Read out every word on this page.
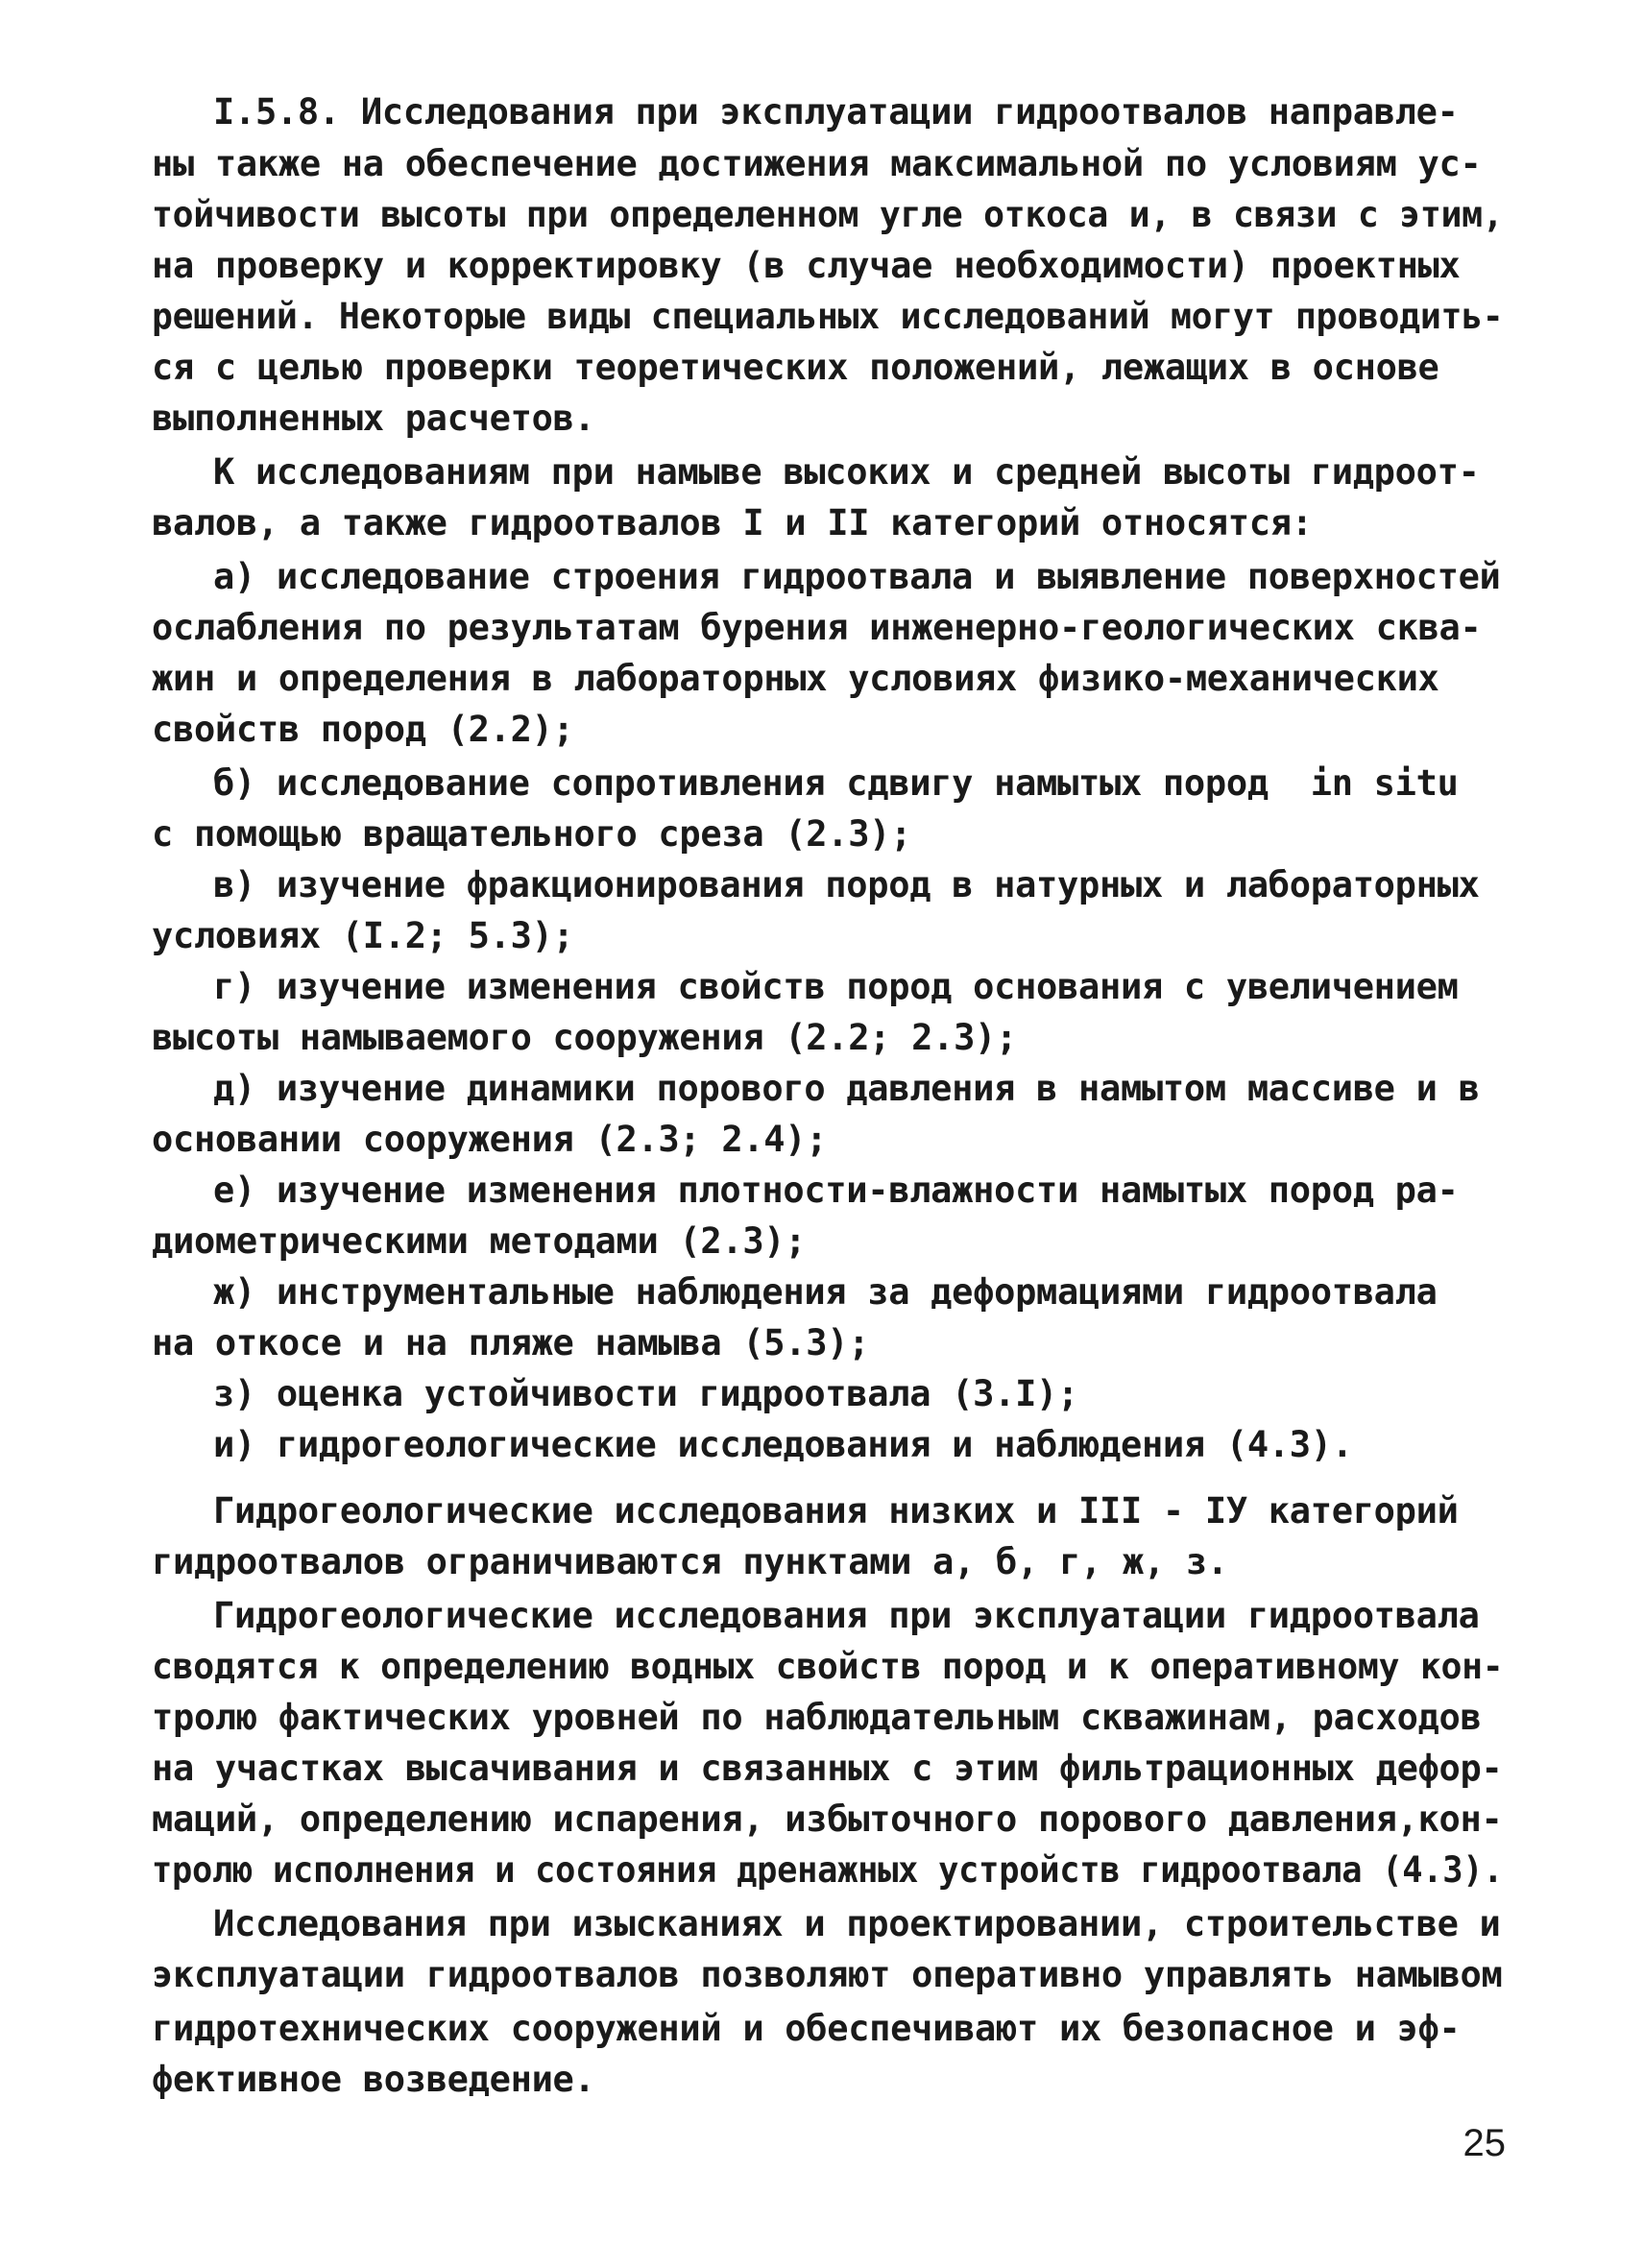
I.5.8. Исследования при эксплуатации гидроотвалов направле-
ны также на обеспечение достижения максимальной по условиям ус-
тойчивости высоты при определенном угле откоса и, в связи с этим,
на проверку и корректировку (в случае необходимости) проектных
решений. Некоторые виды специальных исследований могут проводить-
ся с целью проверки теоретических положений, лежащих в основе
выполненных расчетов.
К исследованиям при намыве высоких и средней высоты гидроот-
валов, а также гидроотвалов I и II категорий относятся:
а) исследование строения гидроотвала и выявление поверхностей
ослабления по результатам бурения инженерно-геологических сква-
жин и определения в лабораторных условиях физико-механических
свойств пород (2.2);
б) исследование сопротивления сдвигу намытых пород  in situ
с помощью вращательного среза (2.3);
в) изучение фракционирования пород в натурных и лабораторных
условиях (I.2; 5.3);
г) изучение изменения свойств пород основания с увеличением
высоты намываемого сооружения (2.2; 2.3);
д) изучение динамики порового давления в намытом массиве и в
основании сооружения (2.3; 2.4);
е) изучение изменения плотности-влажности намытых пород ра-
диометрическими методами (2.3);
ж) инструментальные наблюдения за деформациями гидроотвала
на откосе и на пляже намыва (5.3);
з) оценка устойчивости гидроотвала (3.I);
и) гидрогеологические исследования и наблюдения (4.3).
Гидрогеологические исследования низких и III - IУ категорий
гидроотвалов ограничиваются пунктами а, б, г, ж, з.
Гидрогеологические исследования при эксплуатации гидроотвала
сводятся к определению водных свойств пород и к оперативному кон-
тролю фактических уровней по наблюдательным скважинам, расходов
на участках высачивания и связанных с этим фильтрационных дефор-
маций, определению испарения, избыточного порового давления,кон-
тролю исполнения и состояния дренажных устройств гидроотвала (4.3).
Исследования при изысканиях и проектировании, строительстве и
эксплуатации гидроотвалов позволяют оперативно управлять намывом
гидротехнических сооружений и обеспечивают их безопасное и эф-
фективное возведение.
25
